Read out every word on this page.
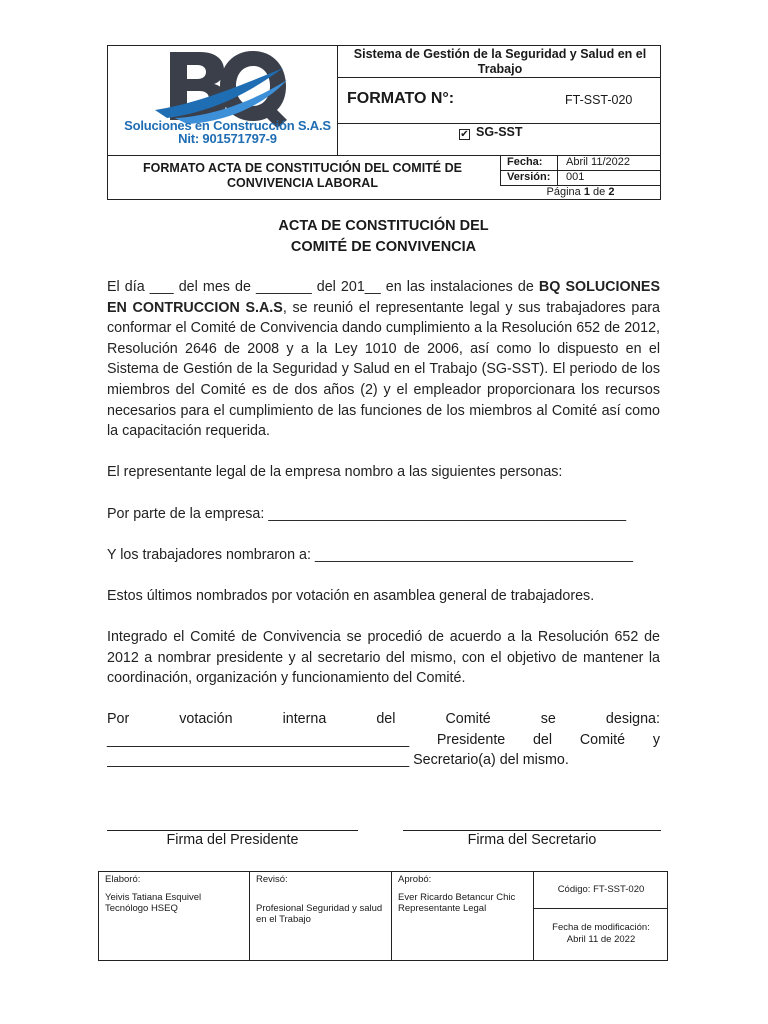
Soluciones en Construcción S.A.S
Nit: 901571797-9
Sistema de Gestión de la Seguridad y Salud en el Trabajo
FORMATO N°:	FT-SST-020
✔ SG-SST
FORMATO ACTA DE CONSTITUCIÓN DEL COMITÉ DE CONVIVENCIA LABORAL
Fecha: Abril 11/2022
Versión: 001
Página 1 de 2
ACTA DE CONSTITUCIÓN DEL
COMITÉ DE CONVIVENCIA
El día ___ del mes de _______ del 201__ en las instalaciones de BQ SOLUCIONES EN CONTRUCCION S.A.S, se reunió el representante legal y sus trabajadores para conformar el Comité de Convivencia dando cumplimiento a la Resolución 652 de 2012, Resolución 2646 de 2008 y a la Ley 1010 de 2006, así como lo dispuesto en el Sistema de Gestión de la Seguridad y Salud en el Trabajo (SG-SST). El periodo de los miembros del Comité es de dos años (2) y el empleador proporcionara los recursos necesarios para el cumplimiento de las funciones de los miembros al Comité así como la capacitación requerida.
El representante legal de la empresa nombro a las siguientes personas:
Por parte de la empresa: _____________________________________________
Y los trabajadores nombraron a: ________________________________________
Estos últimos nombrados por votación en asamblea general de trabajadores.
Integrado el Comité de Convivencia se procedió de acuerdo a la Resolución 652 de 2012 a nombrar presidente y al secretario del mismo, con el objetivo de mantener la coordinación, organización y funcionamiento del Comité.
Por	votación	interna	del	Comité	se	designa:
______________________________________ Presidente del Comité y
______________________________________ Secretario(a) del mismo.
Firma del Presidente	Firma del Secretario
Elaboró:
Yeivis Tatiana Esquivel
Tecnólogo HSEQ
Revisó:
Profesional Seguridad y salud en el Trabajo
Aprobó:
Ever Ricardo Betancur Chic
Representante Legal
Código: FT-SST-020
Fecha de modificación:
Abril 11 de 2022
